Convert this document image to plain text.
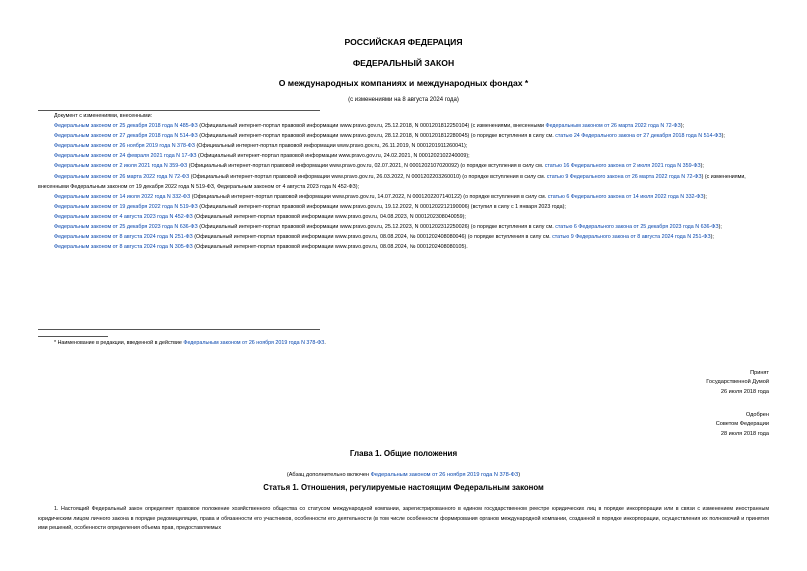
РОССИЙСКАЯ ФЕДЕРАЦИЯ
ФЕДЕРАЛЬНЫЙ ЗАКОН
О международных компаниях и международных фондах *
(с изменениями на 8 августа 2024 года)

Документ с изменениями, внесенными:

Федеральным законом от 25 декабря 2018 года N 485-ФЗ (Официальный интернет-портал правовой информации www.pravo.gov.ru, 25.12.2018, N 0001201812250104) (с изменениями, внесенными Федеральным законом от 26 марта 2022 года N 72-ФЗ);

Федеральным законом от 27 декабря 2018 года N 514-ФЗ (Официальный интернет-портал правовой информации www.pravo.gov.ru, 28.12.2018, N 0001201812280045) (о порядке вступления в силу см. статью 24 Федерального закона от 27 декабря 2018 года N 514-ФЗ);

Федеральным законом от 26 ноября 2019 года N 378-ФЗ (Официальный интернет-портал правовой информации www.pravo.gov.ru, 26.11.2019, N 0001201911260041);

Федеральным законом от 24 февраля 2021 года N 17-ФЗ (Официальный интернет-портал правовой информации www.pravo.gov.ru, 24.02.2021, N 0001202102240009);

Федеральным законом от 2 июля 2021 года N 359-ФЗ (Официальный интернет-портал правовой информации www.pravo.gov.ru, 02.07.2021, N 0001202107020092) (о порядке вступления в силу см. статью 16 Федерального закона от 2 июля 2021 года N 359-ФЗ);

Федеральным законом от 26 марта 2022 года N 72-ФЗ (Официальный интернет-портал правовой информации www.pravo.gov.ru, 26.03.2022, N 0001202203260010) (о порядке вступления в силу см. статью 9 Федерального закона от 26 марта 2022 года N 72-ФЗ) (с изменениями, внесенными Федеральным законом от 19 декабря 2022 года N 519-ФЗ, Федеральным законом от 4 августа 2023 года N 452-ФЗ);

Федеральным законом от 14 июля 2022 года N 332-ФЗ (Официальный интернет-портал правовой информации www.pravo.gov.ru, 14.07.2022, N 0001202207140122) (о порядке вступления в силу см. статью 6 Федерального закона от 14 июля 2022 года N 332-ФЗ);

Федеральным законом от 19 декабря 2022 года N 519-ФЗ (Официальный интернет-портал правовой информации www.pravo.gov.ru, 19.12.2022, N 0001202212190006) (вступил в силу с 1 января 2023 года);

Федеральным законом от 4 августа 2023 года N 452-ФЗ (Официальный интернет-портал правовой информации www.pravo.gov.ru, 04.08.2023, N 0001202308040059);

Федеральным законом от 25 декабря 2023 года N 636-ФЗ (Официальный интернет-портал правовой информации www.pravo.gov.ru, 25.12.2023, N 0001202312250026) (о порядке вступления в силу см. статью 6 Федерального закона от 25 декабря 2023 года N 636-ФЗ);

Федеральным законом от 8 августа 2024 года N 251-ФЗ (Официальный интернет-портал правовой информации www.pravo.gov.ru, 08.08.2024, № 0001202408080046) (о порядке вступления в силу см. статью 9 Федерального закона от 8 августа 2024 года N 251-ФЗ);

Федеральным законом от 8 августа 2024 года N 305-ФЗ (Официальный интернет-портал правовой информации www.pravo.gov.ru, 08.08.2024, № 0001202408080105).

* Наименование в редакции, введенной в действие Федеральным законом от 26 ноября 2019 года N 378-ФЗ.

Принят
Государственной Думой
26 июля 2018 года
Одобрен
Советом Федерации
28 июля 2018 года
Глава 1. Общие положения
(Абзац дополнительно включен Федеральным законом от 26 ноября 2019 года N 378-ФЗ)
Статья 1. Отношения, регулируемые настоящим Федеральным законом

1. Настоящий Федеральный закон определяет правовое положение хозяйственного общества со статусом международной компании, зарегистрированного в едином государственном реестре юридических лиц в порядке инкорпорации или в связи с изменением иностранным юридическим лицом личного закона в порядке редомициляции, права и обязанности его участников, особенности его деятельности (в том числе особенности формирования органов международной компании, созданной в порядке инкорпорации, осуществления их полномочий и принятия ими решений, особенности определения объема прав, предоставляемых
